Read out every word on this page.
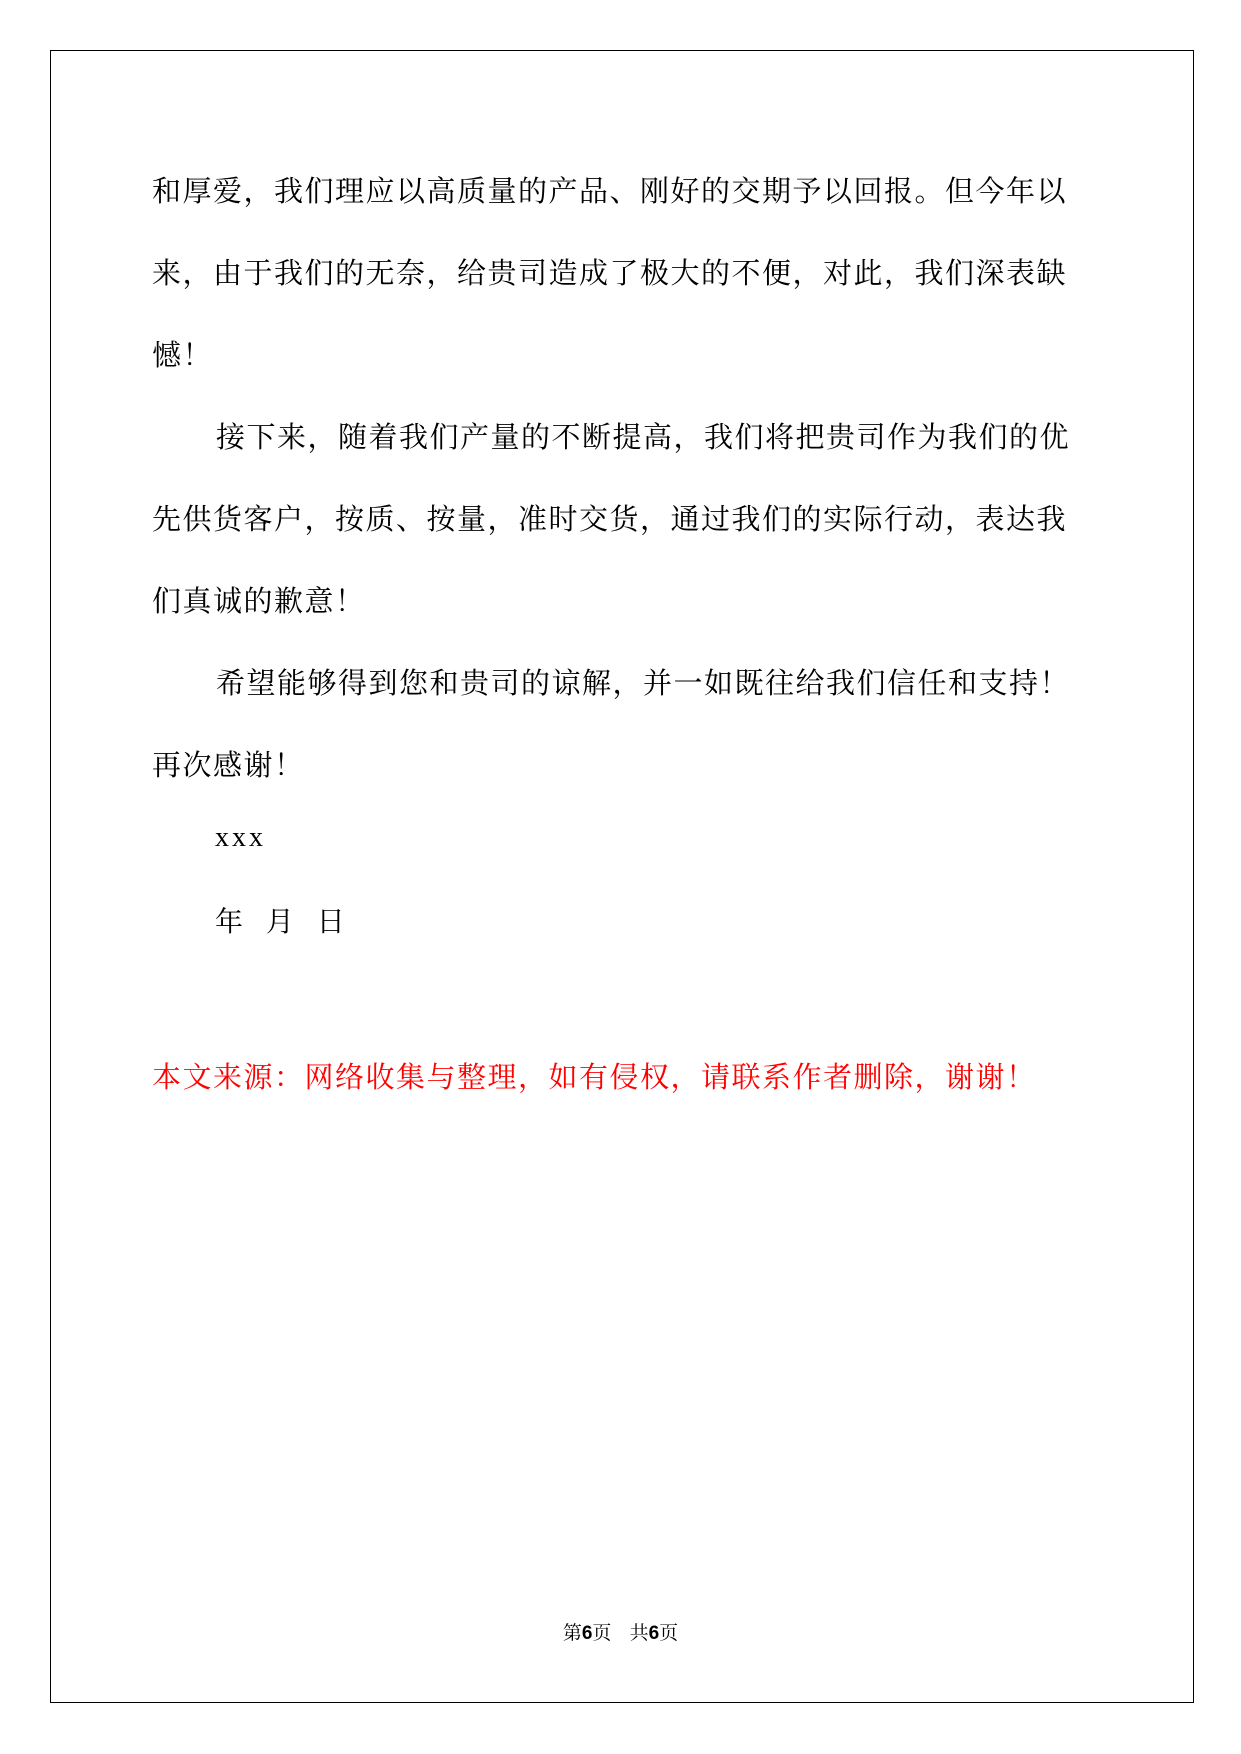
和厚爱，我们理应以高质量的产品、刚好的交期予以回报。但今年以来，由于我们的无奈，给贵司造成了极大的不便，对此，我们深表缺憾！

接下来，随着我们产量的不断提高，我们将把贵司作为我们的优先供货客户，按质、按量，准时交货，通过我们的实际行动，表达我们真诚的歉意！

希望能够得到您和贵司的谅解，并一如既往给我们信任和支持！再次感谢！

xxx
年 月 日
本文来源：网络收集与整理，如有侵权，请联系作者删除，谢谢！
第6页 共6页
